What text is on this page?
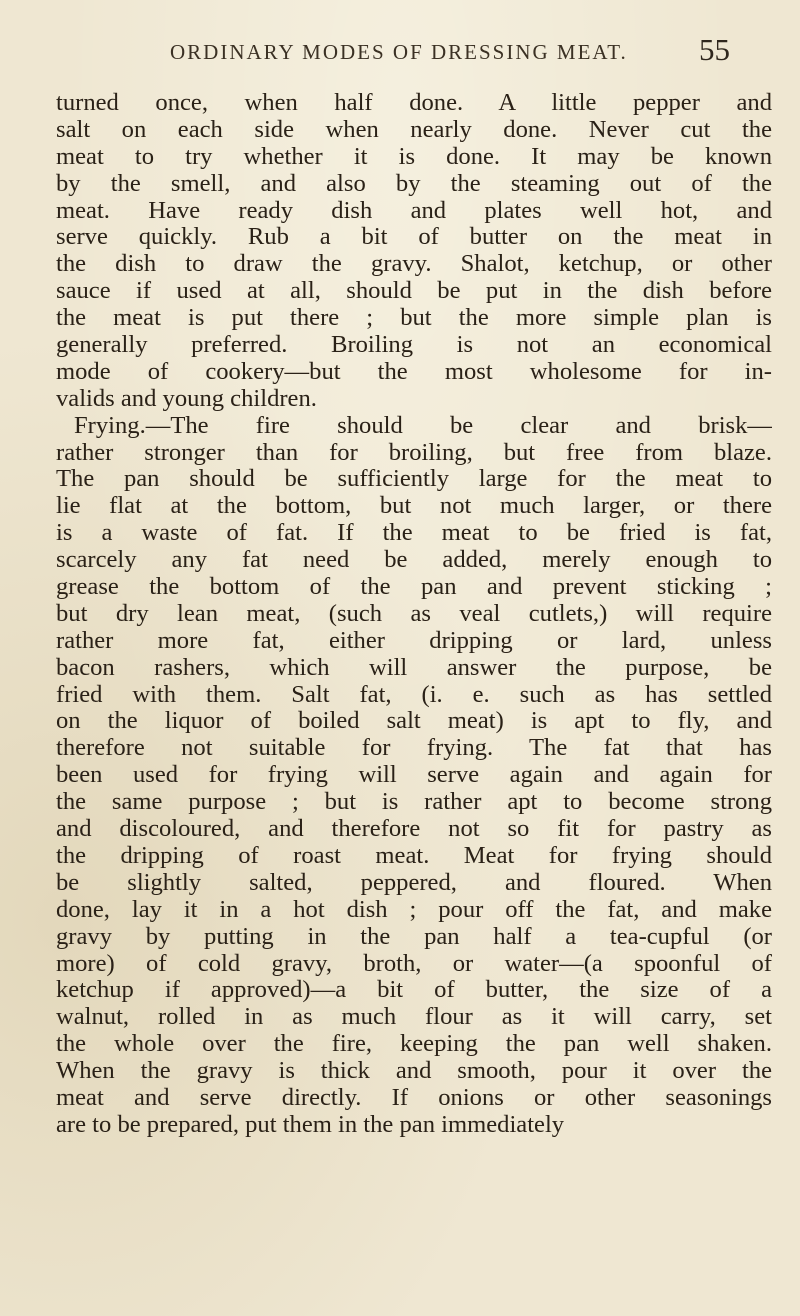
ORDINARY MODES OF DRESSING MEAT. 55
turned once, when half done. A little pepper and
salt on each side when nearly done. Never cut the
meat to try whether it is done. It may be known
by the smell, and also by the steaming out of the
meat. Have ready dish and plates well hot, and
serve quickly. Rub a bit of butter on the meat in
the dish to draw the gravy. Shalot, ketchup, or other
sauce if used at all, should be put in the dish before
the meat is put there ; but the more simple plan is
generally preferred. Broiling is not an economical
mode of cookery—but the most wholesome for in-
valids and young children.
Frying.—The fire should be clear and brisk—
rather stronger than for broiling, but free from blaze.
The pan should be sufficiently large for the meat to
lie flat at the bottom, but not much larger, or there
is a waste of fat. If the meat to be fried is fat,
scarcely any fat need be added, merely enough to
grease the bottom of the pan and prevent sticking ;
but dry lean meat, (such as veal cutlets,) will require
rather more fat, either dripping or lard, unless
bacon rashers, which will answer the purpose, be
fried with them. Salt fat, (i. e. such as has settled
on the liquor of boiled salt meat) is apt to fly, and
therefore not suitable for frying. The fat that has
been used for frying will serve again and again for
the same purpose ; but is rather apt to become strong
and discoloured, and therefore not so fit for pastry as
the dripping of roast meat. Meat for frying should
be slightly salted, peppered, and floured. When
done, lay it in a hot dish ; pour off the fat, and make
gravy by putting in the pan half a tea-cupful (or
more) of cold gravy, broth, or water—(a spoonful of
ketchup if approved)—a bit of butter, the size of a
walnut, rolled in as much flour as it will carry, set
the whole over the fire, keeping the pan well shaken.
When the gravy is thick and smooth, pour it over the
meat and serve directly. If onions or other seasonings
are to be prepared, put them in the pan immediately
